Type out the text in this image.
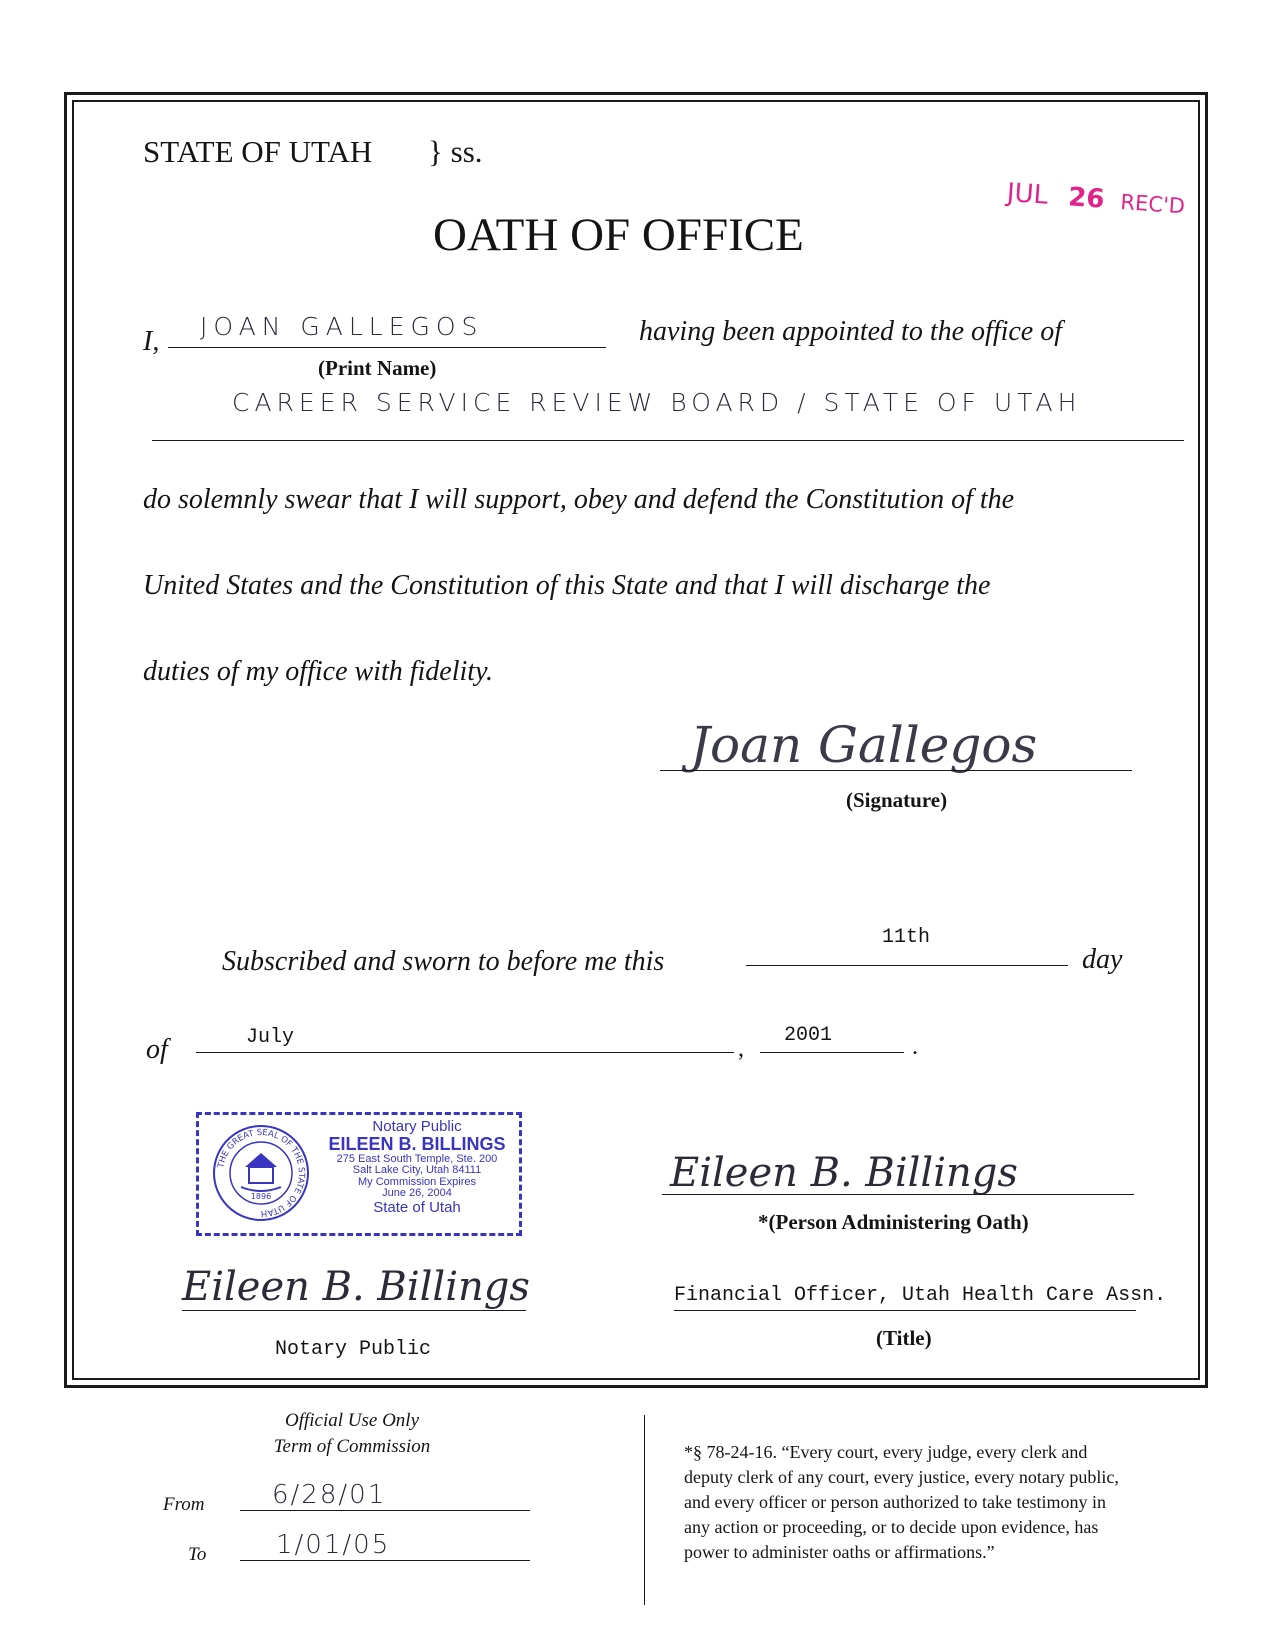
STATE OF UTAH } ss.
OATH OF OFFICE
JUL 26 REC'D
I, JOAN GALLEGOS
(Print Name)
having been appointed to the office of
CAREER SERVICE REVIEW BOARD / STATE OF UTAH
do solemnly swear that I will support, obey and defend the Constitution of the
United States and the Constitution of this State and that I will discharge the
duties of my office with fidelity.
Joan Gallegos
(Signature)
Subscribed and sworn to before me this
11th
day
of	July	,
2001	.
THE GREAT SEAL OF THE STATE OF UTAH
1896
Notary Public
EILEEN B. BILLINGS
275 East South Temple, Ste. 200
Salt Lake City, Utah 84111
My Commission Expires
June 26, 2004
State of Utah
Eileen B. Billings
*(Person Administering Oath)
Eileen B. Billings
Notary Public
Financial Officer, Utah Health Care Assn.
(Title)
Official Use Only
Term of Commission
From	6/28/01
To	1/01/05
*§ 78-24-16. “Every court, every judge, every clerk and
deputy clerk of any court, every justice, every notary public,
and every officer or person authorized to take testimony in
any action or proceeding, or to decide upon evidence, has
power to administer oaths or affirmations.”
